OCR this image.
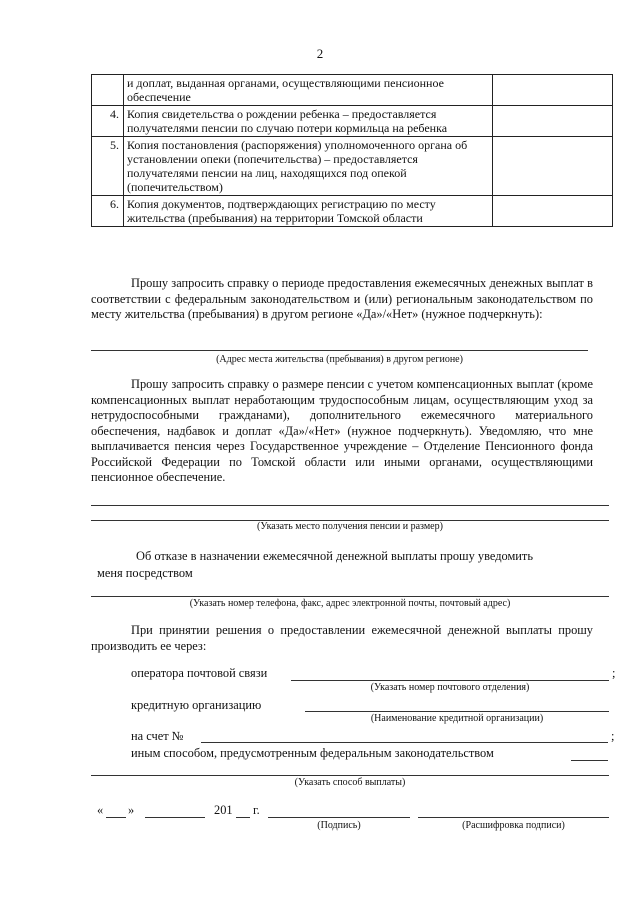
2
	и доплат, выданная органами, осуществляющими пенсионное обеспечение	
4.	Копия свидетельства о рождении ребенка – предоставляется получателями пенсии по случаю потери кормильца на ребенка	
5.	Копия постановления (распоряжения) уполномоченного органа об установлении опеки (попечительства) – предоставляется получателями пенсии на лиц, находящихся под опекой (попечительством)	
6.	Копия документов, подтверждающих регистрацию по месту жительства (пребывания) на территории Томской области	
Прошу запросить справку о периоде предоставления ежемесячных денежных выплат в соответствии с федеральным законодательством и (или) региональным законодательством по месту жительства (пребывания) в другом регионе «Да»/«Нет» (нужное подчеркнуть):
(Адрес места жительства (пребывания) в другом регионе)
Прошу запросить справку о размере пенсии с учетом компенсационных выплат (кроме компенсационных выплат неработающим трудоспособным лицам, осуществляющим уход за нетрудоспособными гражданами), дополнительного ежемесячного материального обеспечения, надбавок и доплат «Да»/«Нет» (нужное подчеркнуть). Уведомляю, что мне выплачивается пенсия через Государственное учреждение – Отделение Пенсионного фонда Российской Федерации по Томской области или иными органами, осуществляющими пенсионное обеспечение.
(Указать место получения пенсии и размер)
Об отказе в назначении ежемесячной денежной выплаты прошу уведомить
меня посредством
(Указать номер телефона, факс, адрес электронной почты, почтовый адрес)
При принятии решения о предоставлении ежемесячной денежной выплаты прошу производить ее через:
оператора почтовой связи	;
(Указать номер почтового отделения)
кредитную организацию
(Наименование кредитной организации)
на счет №	;
иным способом, предусмотренным федеральным законодательством
(Указать способ выплаты)
« »	201 г.
(Подпись)	(Расшифровка подписи)
